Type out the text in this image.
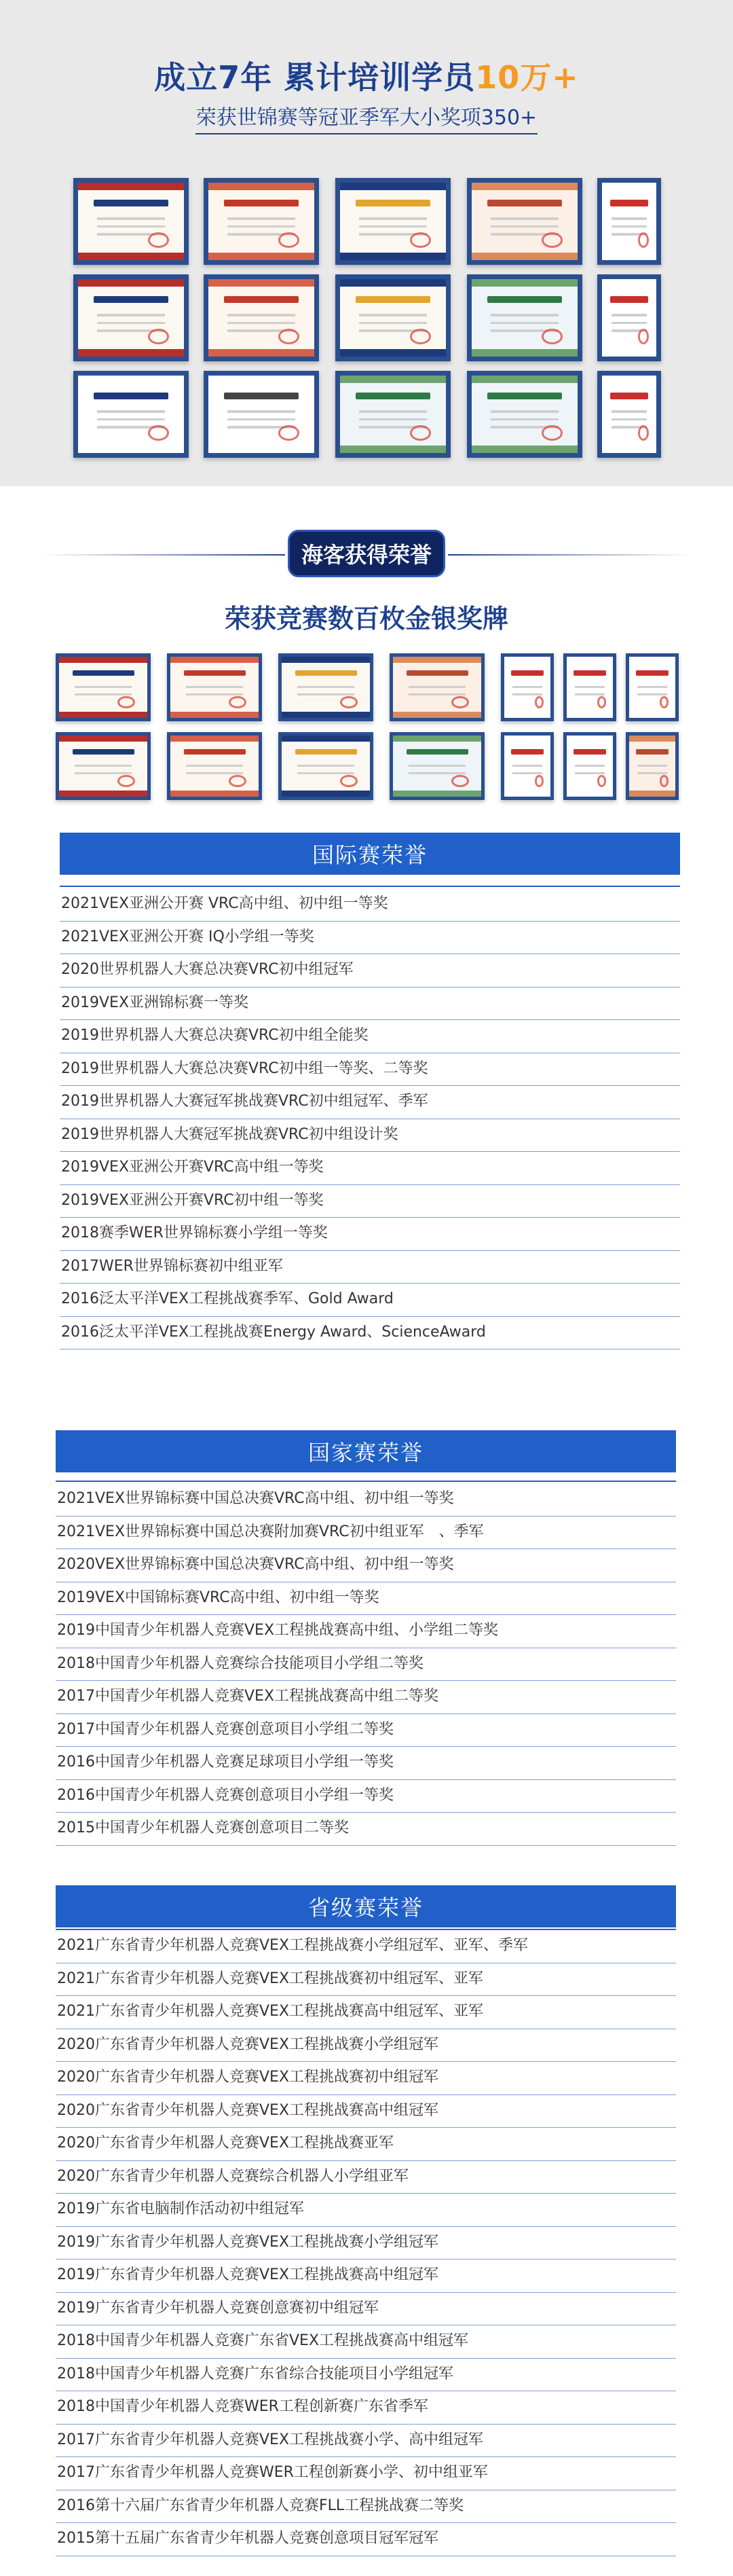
成立7年 累计培训学员10万+
荣获世锦赛等冠亚季军大小奖项350+
海客获得荣誉
荣获竞赛数百枚金银奖牌
国际赛荣誉
2021VEX亚洲公开赛 VRC高中组、初中组一等奖
2021VEX亚洲公开赛 IQ小学组一等奖
2020世界机器人大赛总决赛VRC初中组冠军
2019VEX亚洲锦标赛一等奖
2019世界机器人大赛总决赛VRC初中组全能奖
2019世界机器人大赛总决赛VRC初中组一等奖、二等奖
2019世界机器人大赛冠军挑战赛VRC初中组冠军、季军
2019世界机器人大赛冠军挑战赛VRC初中组设计奖
2019VEX亚洲公开赛VRC高中组一等奖
2019VEX亚洲公开赛VRC初中组一等奖
2018赛季WER世界锦标赛小学组一等奖
2017WER世界锦标赛初中组亚军
2016泛太平洋VEX工程挑战赛季军、Gold Award
2016泛太平洋VEX工程挑战赛Energy Award、ScienceAward
国家赛荣誉
2021VEX世界锦标赛中国总决赛VRC高中组、初中组一等奖
2021VEX世界锦标赛中国总决赛附加赛VRC初中组亚军　、季军
2020VEX世界锦标赛中国总决赛VRC高中组、初中组一等奖
2019VEX中国锦标赛VRC高中组、初中组一等奖
2019中国青少年机器人竞赛VEX工程挑战赛高中组、小学组二等奖
2018中国青少年机器人竞赛综合技能项目小学组二等奖
2017中国青少年机器人竞赛VEX工程挑战赛高中组二等奖
2017中国青少年机器人竞赛创意项目小学组二等奖
2016中国青少年机器人竞赛足球项目小学组一等奖
2016中国青少年机器人竞赛创意项目小学组一等奖
2015中国青少年机器人竞赛创意项目二等奖
省级赛荣誉
2021广东省青少年机器人竞赛VEX工程挑战赛小学组冠军、亚军、季军
2021广东省青少年机器人竞赛VEX工程挑战赛初中组冠军、亚军
2021广东省青少年机器人竞赛VEX工程挑战赛高中组冠军、亚军
2020广东省青少年机器人竞赛VEX工程挑战赛小学组冠军
2020广东省青少年机器人竞赛VEX工程挑战赛初中组冠军
2020广东省青少年机器人竞赛VEX工程挑战赛高中组冠军
2020广东省青少年机器人竞赛VEX工程挑战赛亚军
2020广东省青少年机器人竞赛综合机器人小学组亚军
2019广东省电脑制作活动初中组冠军
2019广东省青少年机器人竞赛VEX工程挑战赛小学组冠军
2019广东省青少年机器人竞赛VEX工程挑战赛高中组冠军
2019广东省青少年机器人竞赛创意赛初中组冠军
2018中国青少年机器人竞赛广东省VEX工程挑战赛高中组冠军
2018中国青少年机器人竞赛广东省综合技能项目小学组冠军
2018中国青少年机器人竞赛WER工程创新赛广东省季军
2017广东省青少年机器人竞赛VEX工程挑战赛小学、高中组冠军
2017广东省青少年机器人竞赛WER工程创新赛小学、初中组亚军
2016第十六届广东省青少年机器人竞赛FLL工程挑战赛二等奖
2015第十五届广东省青少年机器人竞赛创意项目冠军冠军
